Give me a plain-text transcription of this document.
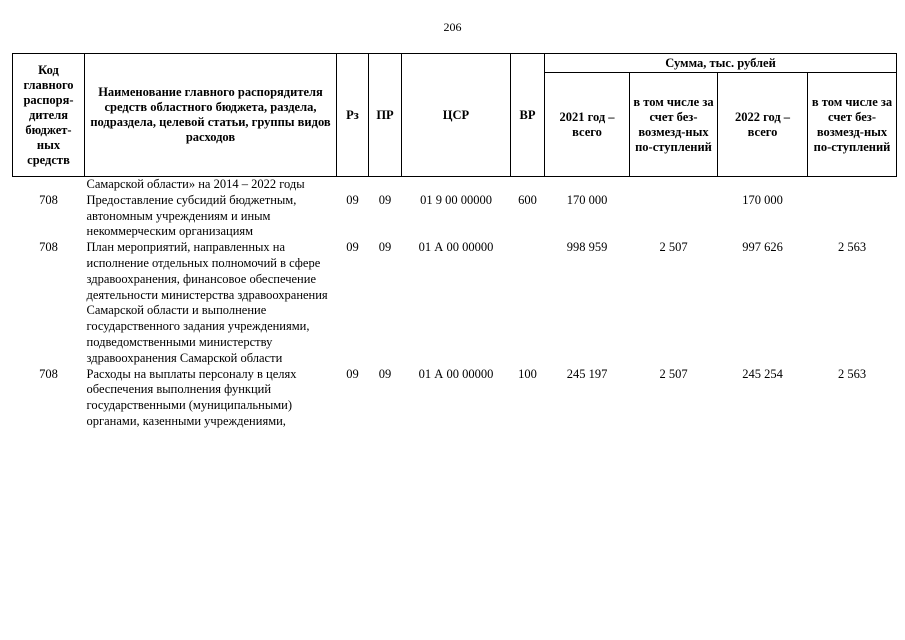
206
Код главного распоря-дителя бюджет-ных средств	Наименование главного распорядителя средств областного бюджета, раздела, подраздела, целевой статьи, группы видов расходов	Рз	ПР	ЦСР	ВР	Сумма, тыс. рублей			
						2021 год – всего	в том числе за счет без-возмезд-ных по-ступлений	2022 год – всего	в том числе за счет без-возмезд-ных по-ступлений
	Самарской области» на 2014 – 2022 годы								
708	Предоставление субсидий бюджетным, автономным учреждениям и иным некоммерческим организациям	09	09	01 9 00 00000	600	170 000		170 000	
708	План мероприятий, направленных на исполнение отдельных полномочий в сфере здравоохранения, финансовое обеспечение деятельности министерства здравоохранения Самарской области и выполнение государственного задания учреждениями, подведомственными министерству здравоохранения Самарской области	09	09	01 А 00 00000		998 959	2 507	997 626	2 563
708	Расходы на выплаты персоналу в целях обеспечения выполнения функций государственными (муниципальными) органами, казенными учреждениями,	09	09	01 А 00 00000	100	245 197	2 507	245 254	2 563
